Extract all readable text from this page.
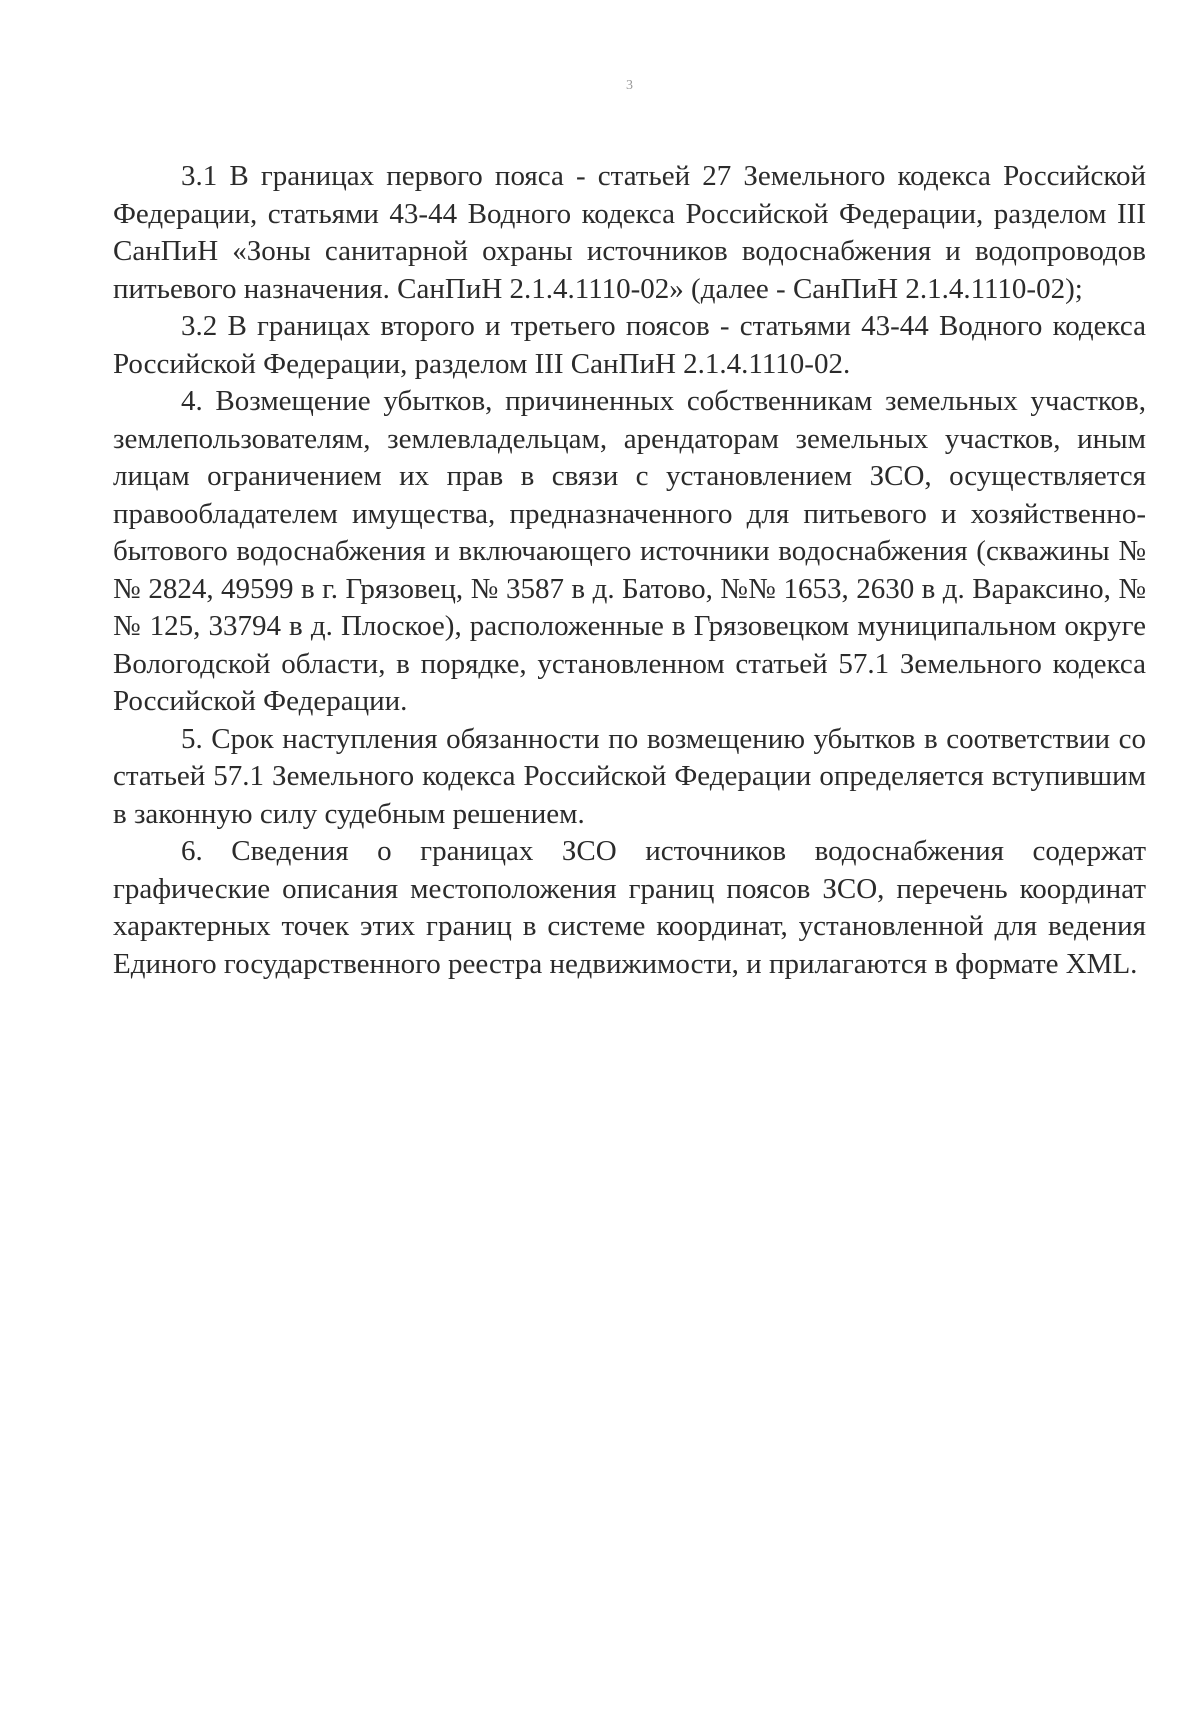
3

3.1 В границах первого пояса - статьей 27 Земельного кодекса Российской Федерации, статьями 43-44 Водного кодекса Российской Федерации, разделом III СанПиН «Зоны санитарной охраны источников водоснабжения и водопроводов питьевого назначения. СанПиН 2.1.4.1110-02» (далее - СанПиН 2.1.4.1110-02);

3.2 В границах второго и третьего поясов - статьями 43-44 Водного кодекса Российской Федерации, разделом III СанПиН 2.1.4.1110-02.

4. Возмещение убытков, причиненных собственникам земельных участков, землепользователям, землевладельцам, арендаторам земельных участков, иным лицам ограничением их прав в связи с установлением ЗСО, осуществляется правообладателем имущества, предназначенного для питьевого и хозяйственно-бытового водоснабжения и включающего источники водоснабжения (скважины №№ 2824, 49599 в г. Грязовец, № 3587 в д. Батово, №№ 1653, 2630 в д. Вараксино, №№ 125, 33794 в д. Плоское), расположенные в Грязовецком муниципальном округе Вологодской области, в порядке, установленном статьей 57.1 Земельного кодекса Российской Федерации.

5. Срок наступления обязанности по возмещению убытков в соответствии со статьей 57.1 Земельного кодекса Российской Федерации определяется вступившим в законную силу судебным решением.

6. Сведения о границах ЗСО источников водоснабжения содержат графические описания местоположения границ поясов ЗСО, перечень координат характерных точек этих границ в системе координат, установленной для ведения Единого государственного реестра недвижимости, и прилагаются в формате XML.
